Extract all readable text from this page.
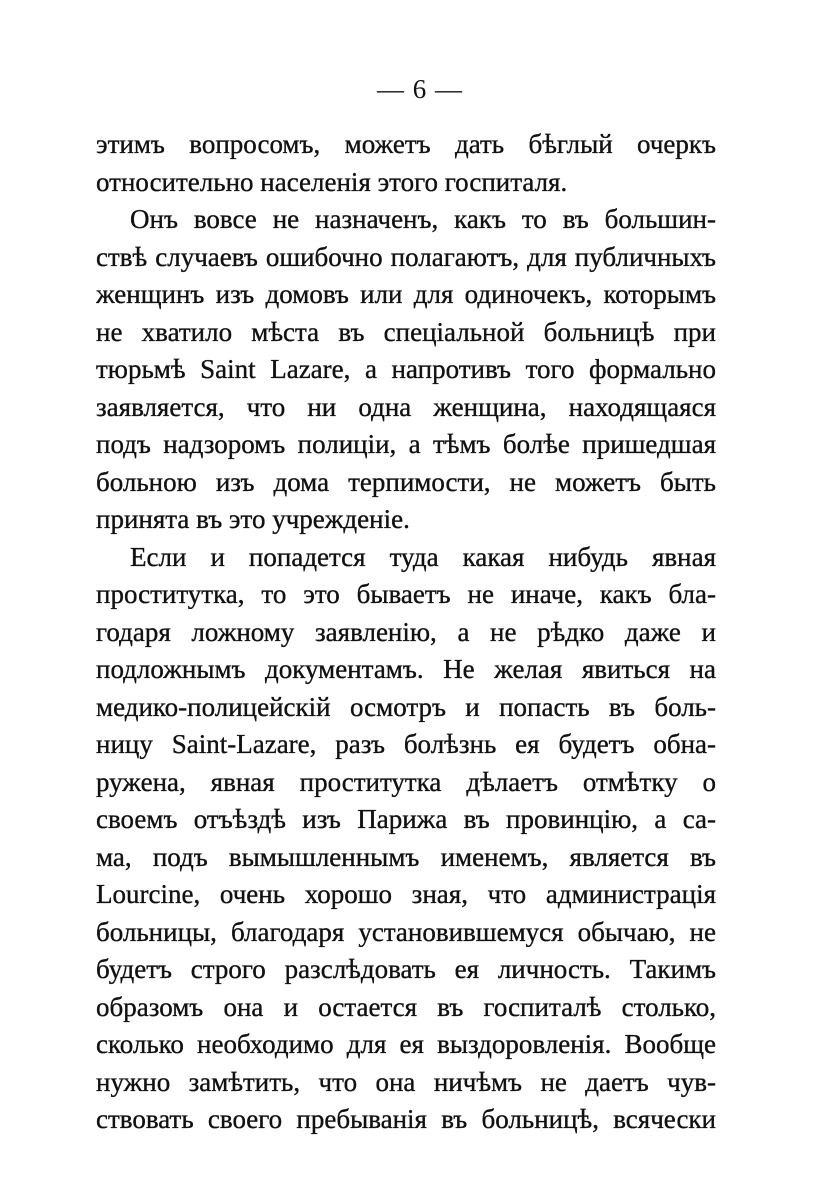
— 6 —
этимъ вопросомъ, можетъ дать бѣглый очеркъ
относительно населенія этого госпиталя.
Онъ вовсе не назначенъ, какъ то въ большин-
ствѣ случаевъ ошибочно полагаютъ, для публичныхъ
женщинъ изъ домовъ или для одиночекъ, которымъ
не хватило мѣста въ спеціальной больницѣ при
тюрьмѣ Saint Lazare, а напротивъ того формально
заявляется, что ни одна женщина, находящаяся
подъ надзоромъ полиціи, а тѣмъ болѣе пришедшая
больною изъ дома терпимости, не можетъ быть
принята въ это учрежденіе.
Если и попадется туда какая нибудь явная
проститутка, то это бываетъ не иначе, какъ бла-
годаря ложному заявленію, а не рѣдко даже и
подложнымъ документамъ. Не желая явиться на
медико-полицейскій осмотръ и попасть въ боль-
ницу Saint-Lazare, разъ болѣзнь ея будетъ обна-
ружена, явная проститутка дѣлаетъ отмѣтку о
своемъ отъѣздѣ изъ Парижа въ провинцію, а са-
ма, подъ вымышленнымъ именемъ, является въ
Lourcine, очень хорошо зная, что администрація
больницы, благодаря установившемуся обычаю, не
будетъ строго разслѣдовать ея личность. Такимъ
образомъ она и остается въ госпиталѣ столько,
сколько необходимо для ея выздоровленія. Вообще
нужно замѣтить, что она ничѣмъ не даетъ чув-
ствовать своего пребыванія въ больницѣ, всячески
